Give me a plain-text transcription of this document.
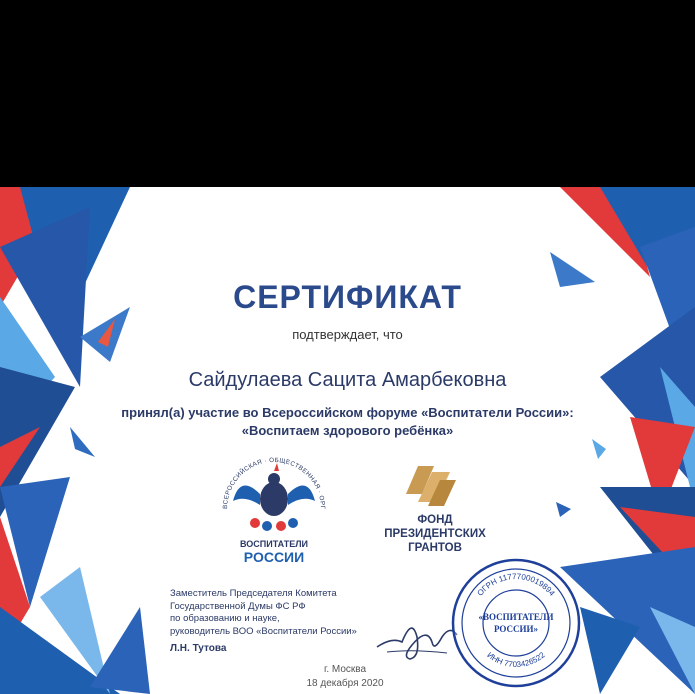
СЕРТИФИКАТ
подтверждает, что
Сайдулаева Сацита Амарбековна
принял(а) участие во Всероссийском форуме «Воспитатели России»:
«Воспитаем здорового ребёнка»
ВСЕРОССИЙСКАЯ · ОБЩЕСТВЕННАЯ · ОРГ
ВОСПИТАТЕЛИ
РОССИИ
ФОНД
ПРЕЗИДЕНТСКИХ
ГРАНТОВ
Заместитель Председателя Комитета
Государственной Думы ФС РФ
по образованию и науке,
руководитель ВОО «Воспитатели России»
Л.Н. Тутова
г. Москва
18 декабря 2020
ОГРН 1177700019894
ИНН 7703426522
«ВОСПИТАТЕЛИ
РОССИИ»
